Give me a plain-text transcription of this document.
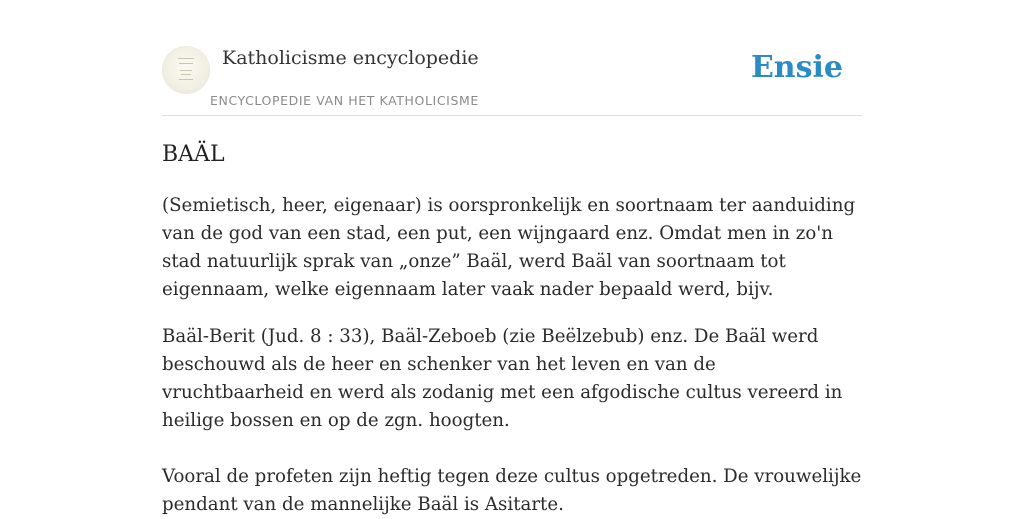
Katholicisme encyclopedie
ENCYCLOPEDIE VAN HET KATHOLICISME
Ensie
BAÄL

(Semietisch, heer, eigenaar) is oorspronkelijk en soortnaam ter aanduiding van de god van een stad, een put, een wijngaard enz. Omdat men in zo'n stad natuurlijk sprak van „onze” Baäl, werd Baäl van soortnaam tot eigennaam, welke eigennaam later vaak nader bepaald werd, bijv.

Baäl-Berit (Jud. 8 : 33), Baäl-Zeboeb (zie Beëlzebub) enz. De Baäl werd beschouwd als de heer en schenker van het leven en van de vruchtbaarheid en werd als zodanig met een afgodische cultus vereerd in heilige bossen en op de zgn. hoogten.

Vooral de profeten zijn heftig tegen deze cultus opgetreden. De vrouwelijke pendant van de mannelijke Baäl is Asitarte.
